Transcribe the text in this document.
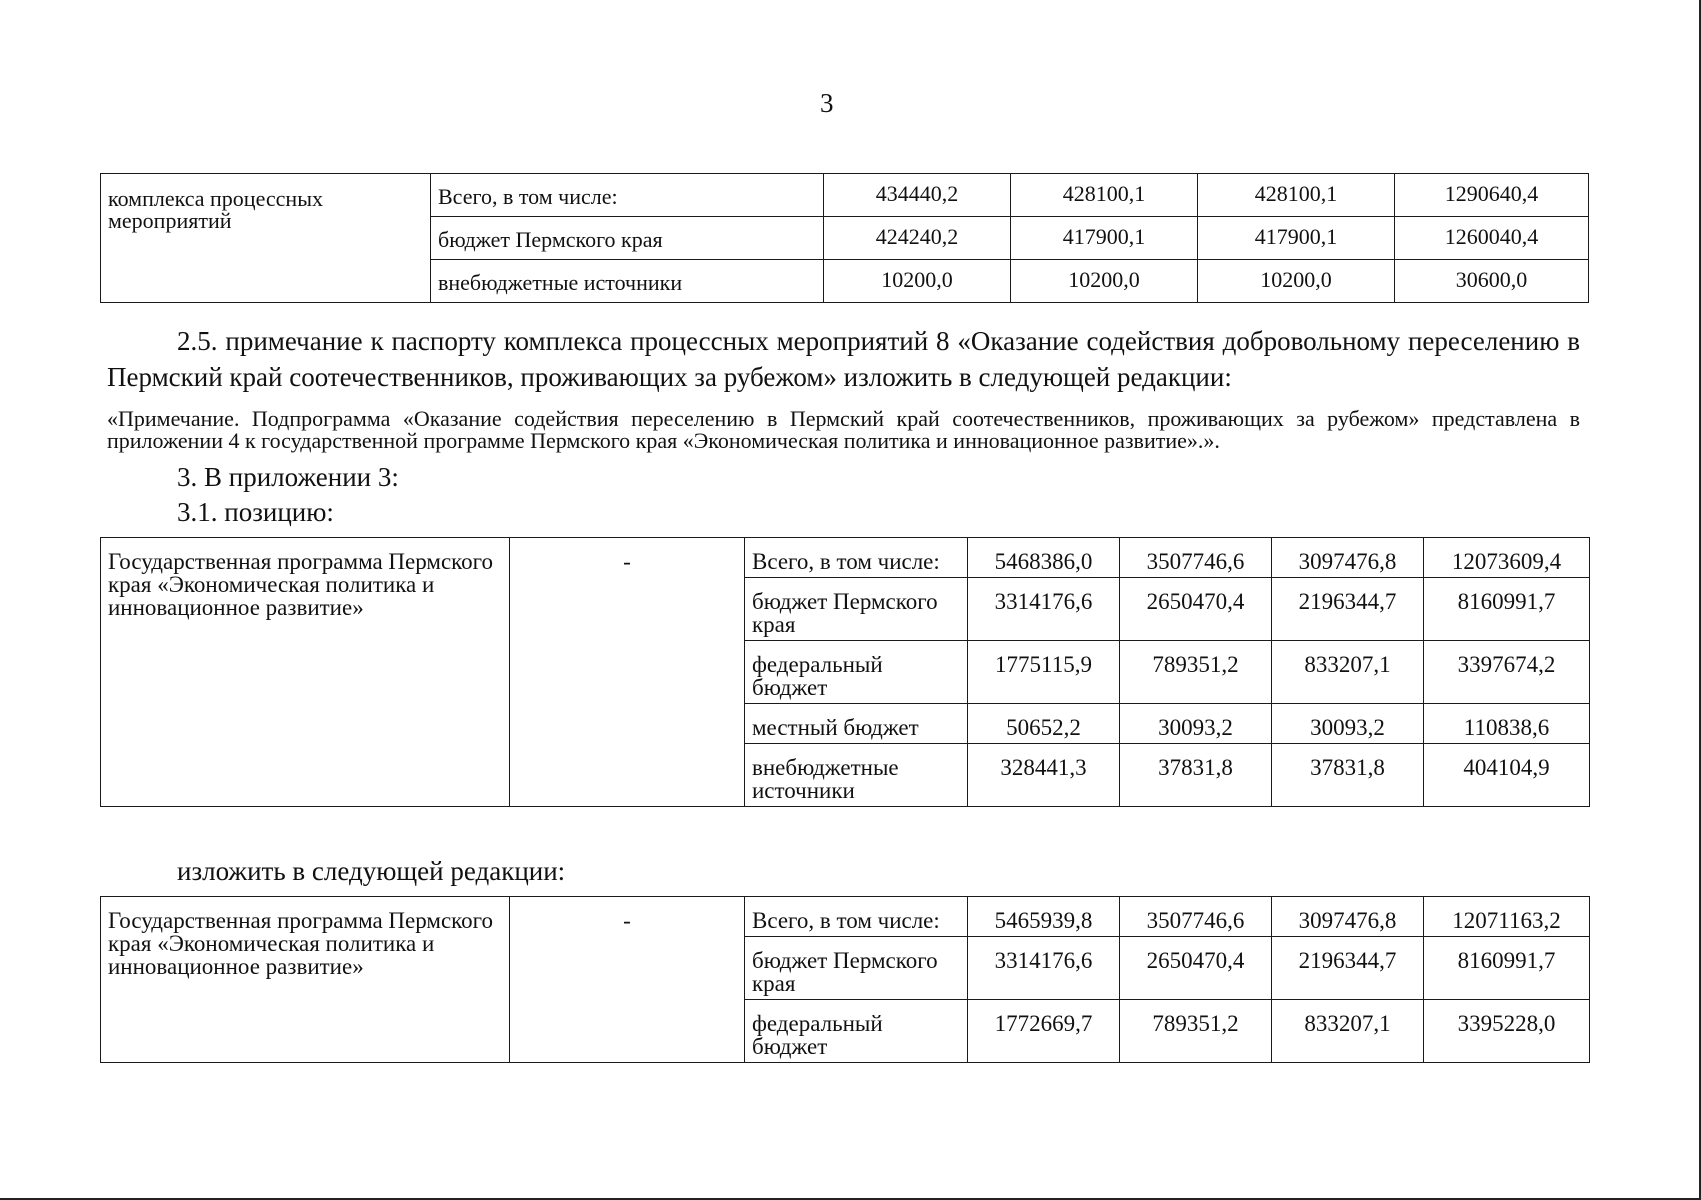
3
комплекса процессных мероприятий	Всего, в том числе:	434440,2	428100,1	428100,1	1290640,4
	бюджет Пермского края	424240,2	417900,1	417900,1	1260040,4
	внебюджетные источники	10200,0	10200,0	10200,0	30600,0
2.5. примечание к паспорту комплекса процессных мероприятий 8 «Оказание содействия добровольному переселению в Пермский край соотечественников, проживающих за рубежом» изложить в следующей редакции:
«Примечание. Подпрограмма «Оказание содействия переселению в Пермский край соотечественников, проживающих за рубежом» представлена в приложении 4 к государственной программе Пермского края «Экономическая политика и инновационное развитие».».
3. В приложении 3:
3.1. позицию:
Государственная программа Пермского края «Экономическая политика и инновационное развитие»	-	Всего, в том числе:	5468386,0	3507746,6	3097476,8	12073609,4
		бюджет Пермского края	3314176,6	2650470,4	2196344,7	8160991,7
		федеральный бюджет	1775115,9	789351,2	833207,1	3397674,2
		местный бюджет	50652,2	30093,2	30093,2	110838,6
		внебюджетные источники	328441,3	37831,8	37831,8	404104,9
изложить в следующей редакции:
Государственная программа Пермского края «Экономическая политика и инновационное развитие»	-	Всего, в том числе:	5465939,8	3507746,6	3097476,8	12071163,2
		бюджет Пермского края	3314176,6	2650470,4	2196344,7	8160991,7
		федеральный бюджет	1772669,7	789351,2	833207,1	3395228,0
